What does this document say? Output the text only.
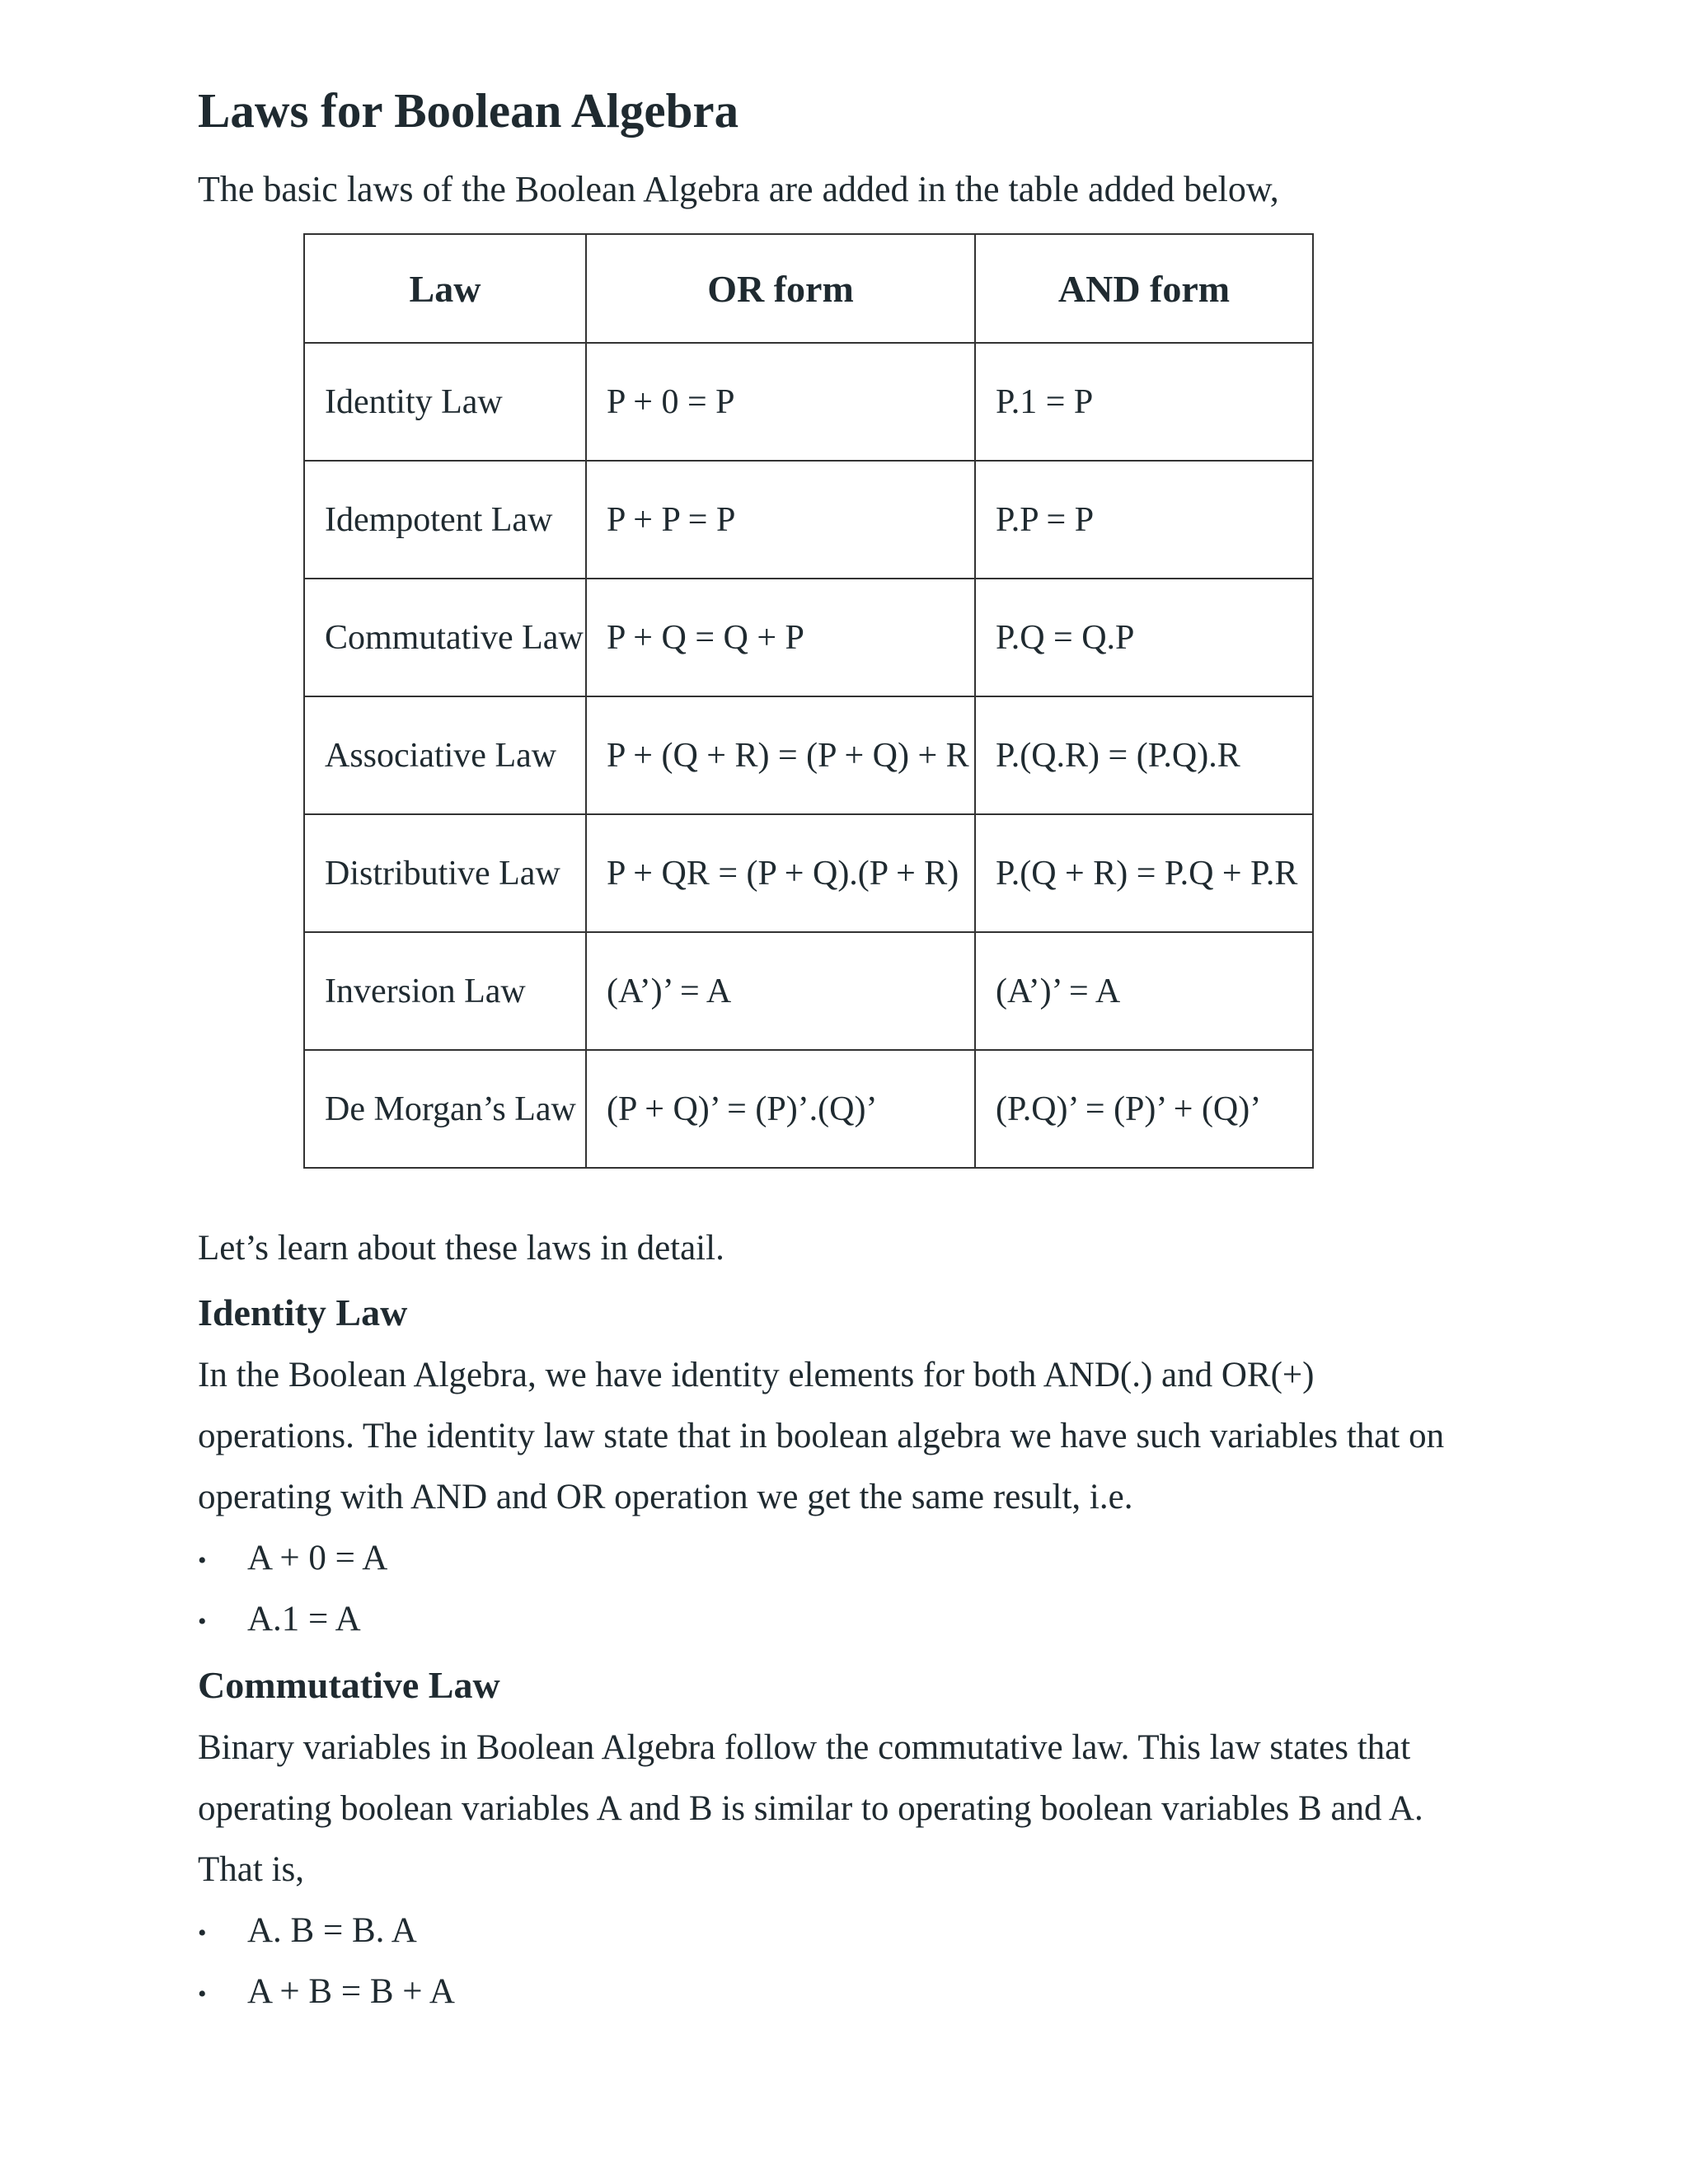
Laws for Boolean Algebra

The basic laws of the Boolean Algebra are added in the table added below,

Law	OR form	AND form
Identity Law	P + 0 = P	P.1 = P
Idempotent Law	P + P = P	P.P = P
Commutative Law	P + Q = Q + P	P.Q = Q.P
Associative Law	P + (Q + R) = (P + Q) + R	P.(Q.R) = (P.Q).R
Distributive Law	P + QR = (P + Q).(P + R)	P.(Q + R) = P.Q + P.R
Inversion Law	(A’)’ = A	(A’)’ = A
De Morgan’s Law	(P + Q)’ = (P)’.(Q)’	(P.Q)’ = (P)’ + (Q)’

Let’s learn about these laws in detail.

Identity Law

In the Boolean Algebra, we have identity elements for both AND(.) and OR(+)

operations. The identity law state that in boolean algebra we have such variables that on

operating with AND and OR operation we get the same result, i.e.

• A + 0 = A
• A.1 = A

Commutative Law

Binary variables in Boolean Algebra follow the commutative law. This law states that

operating boolean variables A and B is similar to operating boolean variables B and A.

That is,

• A. B = B. A
• A + B = B + A
